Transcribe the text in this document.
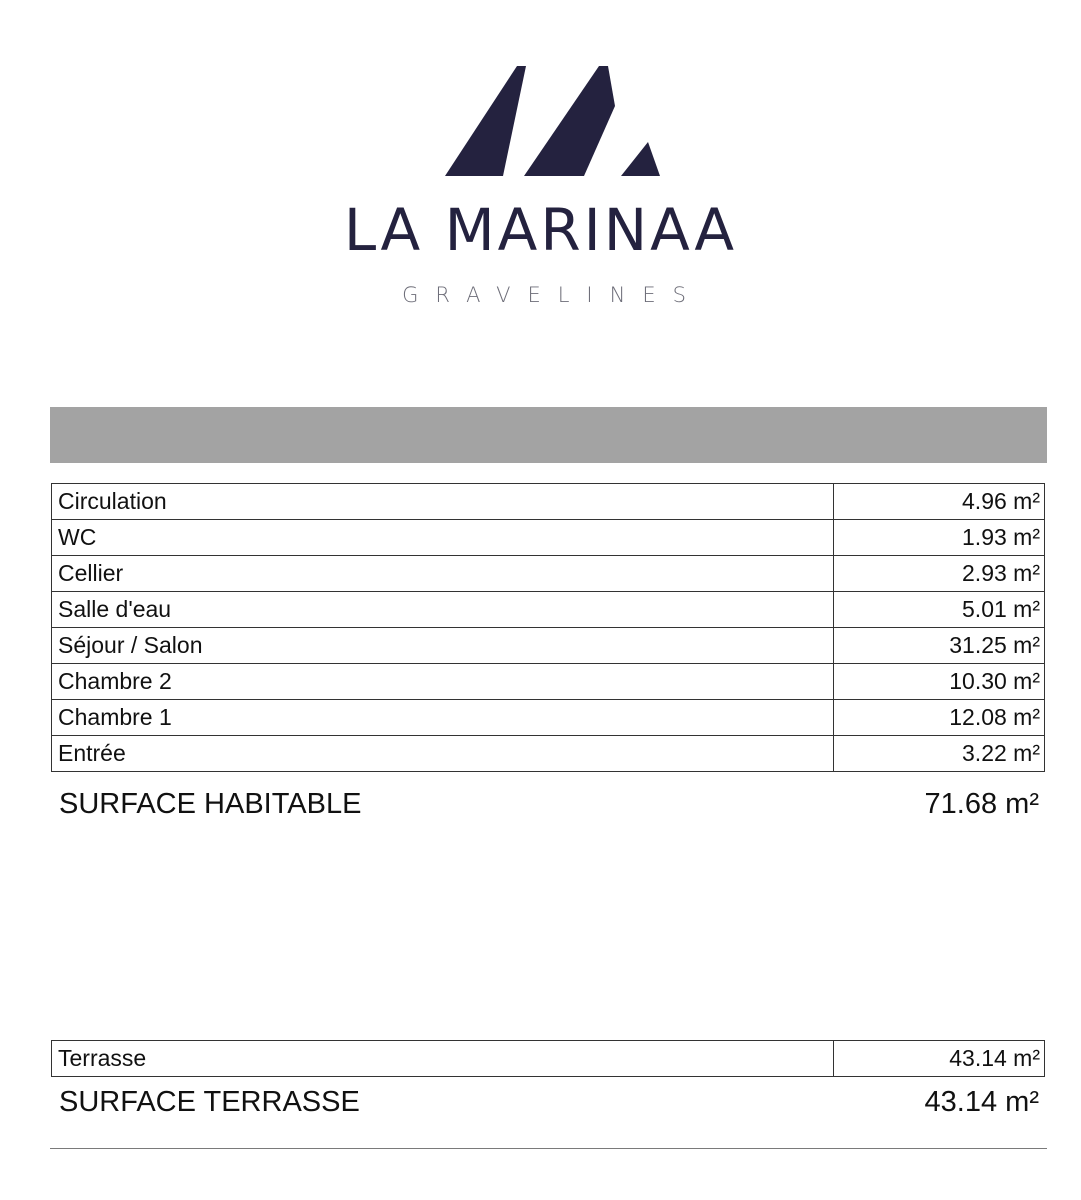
LA MARINAA
GRAVELINES
Circulation	4.96 m²
WC	1.93 m²
Cellier	2.93 m²
Salle d'eau	5.01 m²
Séjour / Salon	31.25 m²
Chambre 2	10.30 m²
Chambre 1	12.08 m²
Entrée	3.22 m²
SURFACE HABITABLE	71.68 m²
Terrasse	43.14 m²
SURFACE TERRASSE	43.14 m²
